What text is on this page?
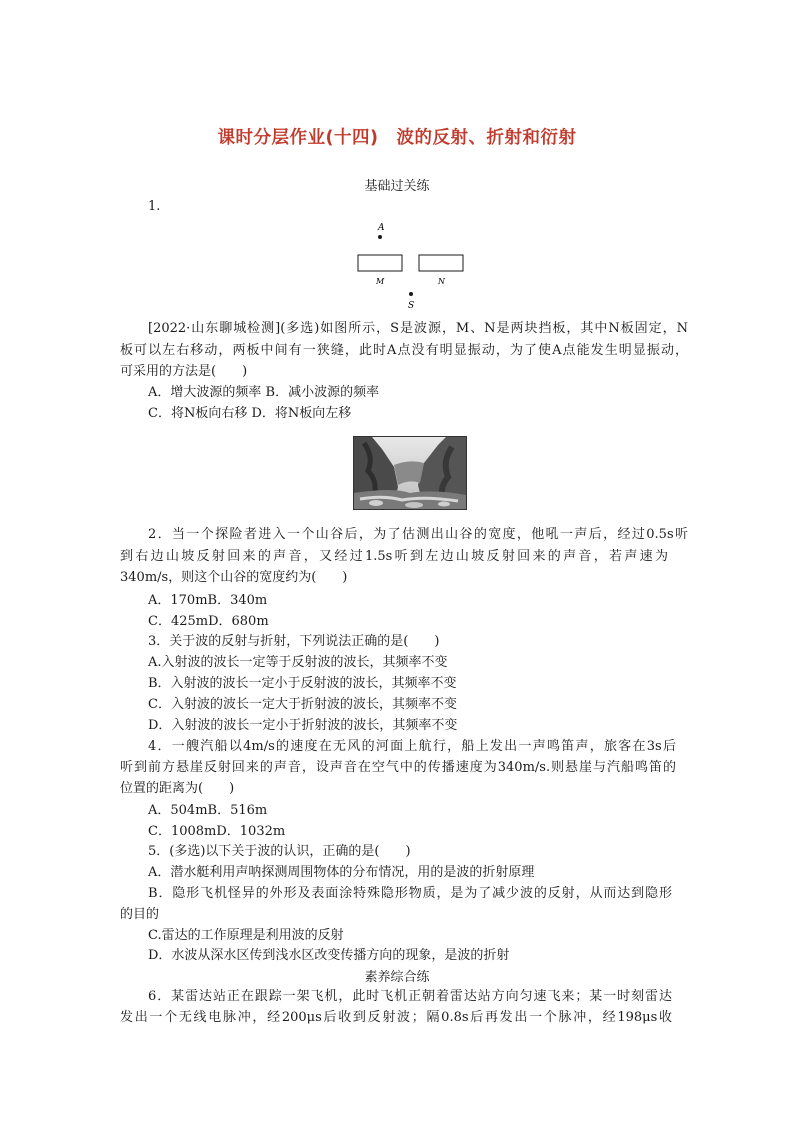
课时分层作业(十四)　波的反射、折射和衍射
基础过关练
1.
A
M	N
S
[2022·山东聊城检测](多选)如图所示，S是波源，M、N是两块挡板，其中N板固定，N
板可以左右移动，两板中间有一狭缝，此时A点没有明显振动，为了使A点能发生明显振动，
可采用的方法是(　　)
A．增大波源的频率 B．减小波源的频率
C．将N板向右移 D．将N板向左移
2．当一个探险者进入一个山谷后，为了估测出山谷的宽度，他吼一声后，经过0.5s听
到右边山坡反射回来的声音，又经过1.5s听到左边山坡反射回来的声音，若声速为
340m/s，则这个山谷的宽度约为(　　)
A．170mB．340m
C．425mD．680m
3．关于波的反射与折射，下列说法正确的是(　　)
A.入射波的波长一定等于反射波的波长，其频率不变
B．入射波的波长一定小于反射波的波长，其频率不变
C．入射波的波长一定大于折射波的波长，其频率不变
D．入射波的波长一定小于折射波的波长，其频率不变
4．一艘汽船以4m/s的速度在无风的河面上航行，船上发出一声鸣笛声，旅客在3s后
听到前方悬崖反射回来的声音，设声音在空气中的传播速度为340m/s.则悬崖与汽船鸣笛的
位置的距离为(　　)
A．504mB．516m
C．1008mD．1032m
5．(多选)以下关于波的认识，正确的是(　　)
A．潜水艇利用声呐探测周围物体的分布情况，用的是波的折射原理
B．隐形飞机怪异的外形及表面涂特殊隐形物质，是为了减少波的反射，从而达到隐形
的目的
C.雷达的工作原理是利用波的反射
D．水波从深水区传到浅水区改变传播方向的现象，是波的折射
素养综合练
6．某雷达站正在跟踪一架飞机，此时飞机正朝着雷达站方向匀速飞来；某一时刻雷达
发出一个无线电脉冲，经200μs后收到反射波；隔0.8s后再发出一个脉冲，经198μs收
